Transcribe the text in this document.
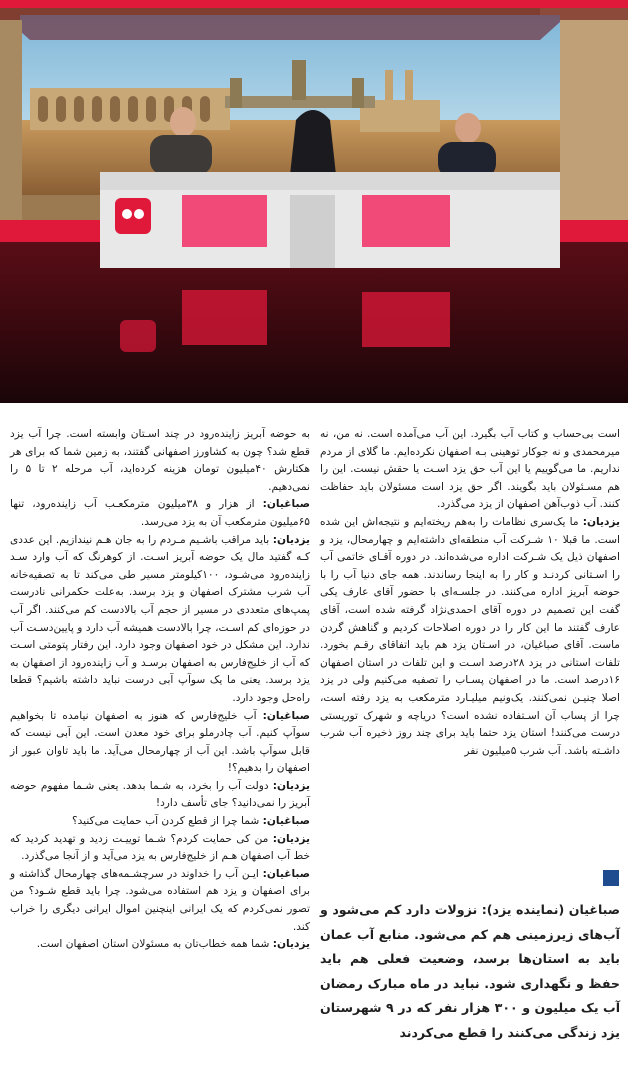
است بی‌حساب و کتاب آب بگیرد. این آب می‌آمده است. نه من، نه میرمحمدی و نه جوکار توهینی بـه اصفهان نکرده‌ایم. ما گلای از مردم نداریم. ما می‌گوییم یا این آب حق یزد اسـت یا حقش نیست. این را هم مسـئولان باید بگویند. اگر حق یزد است مسئولان باید حفاظت کنند. آب ذوب‌آهن اصفهان از یزد می‌گذرد.

یزدیان: ما یک‌سری نظامات را به‌هم ریخته‌ایم و نتیجه‌اش این شده است. ما قبلا ۱۰ شـرکت آب منطقه‌ای داشته‌ایم و چهارمحال، یزد و اصفهان ذیل یک شـرکت اداره می‌شده‌اند. در دوره آقـای خاتمی آب را اسـتانی کردنـد و کار را به اینجا رساندند. همه جای دنیا آب را با حوضه آبریز اداره می‌کنند. در جلسـه‌ای با حضور آقای عارف یکی گفت این تصمیم در دوره آقای احمدی‌نژاد گرفته شده است، آقای عارف گفتند ما این کار را در دوره اصلاحات کردیم و گناهش گردن ماست. آقای صباغیان، در اسـتان یزد هم باید اتفاقای رقـم بخورد. تلفات استانی در یزد ۲۸درصد اسـت و این تلفات در استان اصفهان ۱۶درصد است. ما در اصفهان پسـاب را تصفیه می‌کنیم ولی در یزد اصلا چنیـن نمی‌کنند. یک‌ونیم میلیـارد مترمکعب به یزد رفته است، چرا از پساب آن اسـتفاده نشده است؟ دریاچه و شهرک توریستی درست می‌کنند! استان یزد حتما باید برای چند روز ذخیره آب شرب داشـته باشد. آب شرب ۵میلیون نفر

به حوضه آبریز زاینده‌رود در چند اسـتان وابسته است. چرا آب یزد قطع شد؟ چون به کشاورز اصفهانی گفتند، به زمین شما که برای هر هکتارش ۴۰میلیون تومان هزینه کرده‌اید، آب مرحله ۲ تا ۵ را نمی‌دهیم.

صباغیان: از هزار و ۳۸میلیون مترمکعـب آب زاینده‌رود، تنها ۶۵میلیون مترمکعب آن به یزد می‌رسد.

یزدیان: باید مراقب باشـیم مـردم را به جان هـم نیندازیم. این عددی کـه گفتید مال یک حوضه آبریز اسـت. از کوهرنگ که آب وارد سـد زاینده‌رود می‌شـود، ۱۰۰کیلومتر مسیر طی می‌کند تا به تصفیه‌خانه آب شرب مشترک اصفهان و یزد برسد. به‌علت حکمرانی نادرست پمپ‌های متعددی در مسیر از حجم آب بالادست کم می‌کنند. اگر آب در حوزه‌ای کم اسـت، چرا بالادست همیشه آب دارد و پایین‌دسـت آب ندارد. این مشکل در خود اصفهان وجود دارد. این رفتار پتومتی اسـت که آب از خلیج‌فارس به اصفهان برسـد و آب زاینده‌رود از اصفهان به یزد برسد. یعنی ما یک سوآپ آبی درست نباید داشته باشیم؟ قطعا راه‌حل وجود دارد.

صباغیان: آب خلیج‌فارس که هنوز به اصفهان نیامده تا بخواهیم سوآپ کنیم. آب چادرملو برای خود معدن است. این آبی نیست که قابل سوآپ باشد. این آب از چهارمحال می‌آید. ما باید تاوان عبور از اصفهان را بدهیم؟!

یزدیان: دولت آب را بخرد، به شـما بدهد. یعنی شـما مفهوم حوضه آبریز را نمی‌دانید؟ جای تأسف دارد!

صباغیان: شما چرا از قطع کردن آب حمایت می‌کنید؟

یزدیان: من کی حمایت کردم؟ شـما توییـت زدید و تهدید کردید که خط آب اصفهان هـم از خلیج‌فارس به یزد می‌آید و از آنجا می‌گذرد.

صباغیان: ایـن آب را خداوند در سرچشـمه‌های چهارمحال گذاشته و برای اصفهان و یزد هم استفاده می‌شود. چرا باید قطع شـود؟ من تصور نمی‌کردم که یک ایرانی اینچنین اموال ایرانی دیگری را خراب کند.

یزدیان: شما همه خطاب‌تان به مسئولان استان اصفهان است.

صباغیان (نماینده یزد): نزولات دارد کم می‌شود و آب‌های زیرزمینی هم کم می‌شود. منابع آب عمان باید به استان‌ها برسد، وضعیت فعلی هم باید حفظ و نگهداری شود. نباید در ماه مبارک رمضان آب یک میلیون و ۳۰۰ هزار نفر که در ۹ شهرستان یزد زندگی می‌کنند را قطع می‌کردند
